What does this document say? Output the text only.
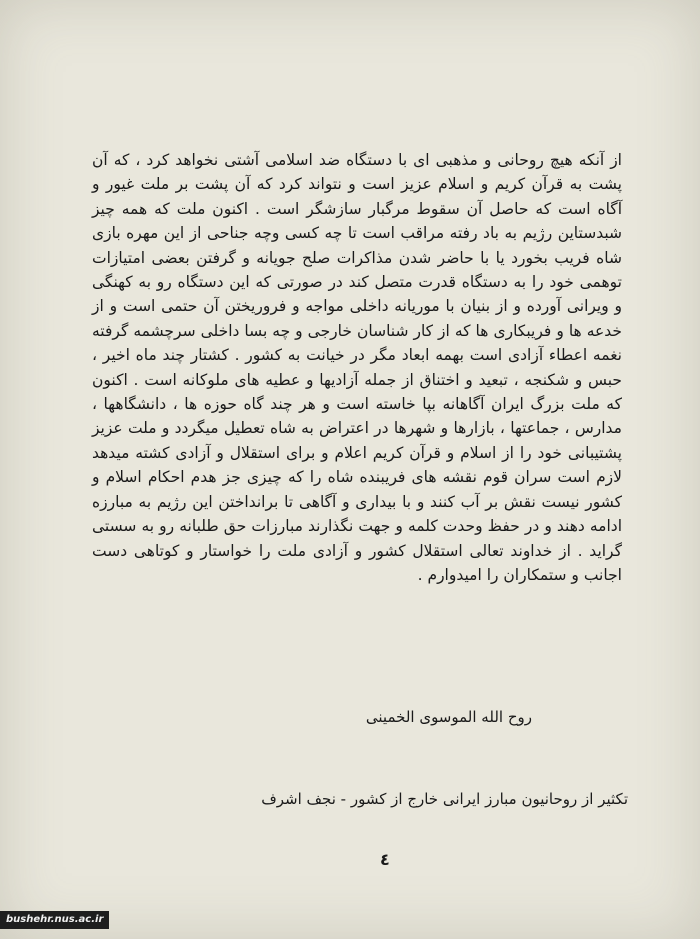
از آنکه هیچ روحانی و مذهبی ای با دستگاه ضد اسلامی آشتی نخواهد کرد ، که آن پشت به قرآن کریم و اسلام عزیز است و نتواند کرد که آن پشت بر ملت غیور و آگاه است که حاصل آن سقوط مرگبار سازشگر است . اکنون ملت که همه چیز شبدستاین رژیم به باد رفته مراقب است تا چه کسی وچه جناحی از این مهره بازی شاه فریب بخورد یا با حاضر شدن مذاکرات صلح جویانه و گرفتن بعضی امتیازات توهمی خود را به دستگاه قدرت متصل کند در صورتی که این دستگاه رو به کهنگی و ویرانی آورده و از بنیان با موریانه داخلی مواجه و فروریختن آن حتمی است و از خدعه ها و فریبکاری ها که از کار شناسان خارجی و چه بسا داخلی سرچشمه گرفته نغمه اعطاء آزادی است بهمه ابعاد مگر در خیانت به کشور . کشتار چند ماه اخیر ، حبس و شکنجه ، تبعید و اختناق از جمله آزادیها و عطیه های ملوکانه است . اکنون که ملت بزرگ ایران آگاهانه بپا خاسته است و هر چند گاه حوزه ها ، دانشگاهها ، مدارس ، جماعتها ، بازارها و شهرها در اعتراض به شاه تعطیل میگردد و ملت عزیز پشتیبانی خود را از اسلام و قرآن کریم اعلام و برای استقلال و آزادی کشته میدهد لازم است سران قوم نقشه های فریبنده شاه را که چیزی جز هدم احکام اسلام و کشور نیست نقش بر آب کنند و با بیداری و آگاهی تا برانداختن این رژیم به مبارزه ادامه دهند و در حفظ وحدت کلمه و جهت نگذارند مبارزات حق طلبانه رو به سستی گراید . از خداوند تعالی استقلال کشور و آزادی ملت را خواستار و کوتاهی دست اجانب و ستمکاران را امیدوارم .

روح الله الموسوی الخمینی
تکثیر از روحانیون مبارز ایرانی خارج از کشور - نجف اشرف
٤
bushehr.nus.ac.ir
